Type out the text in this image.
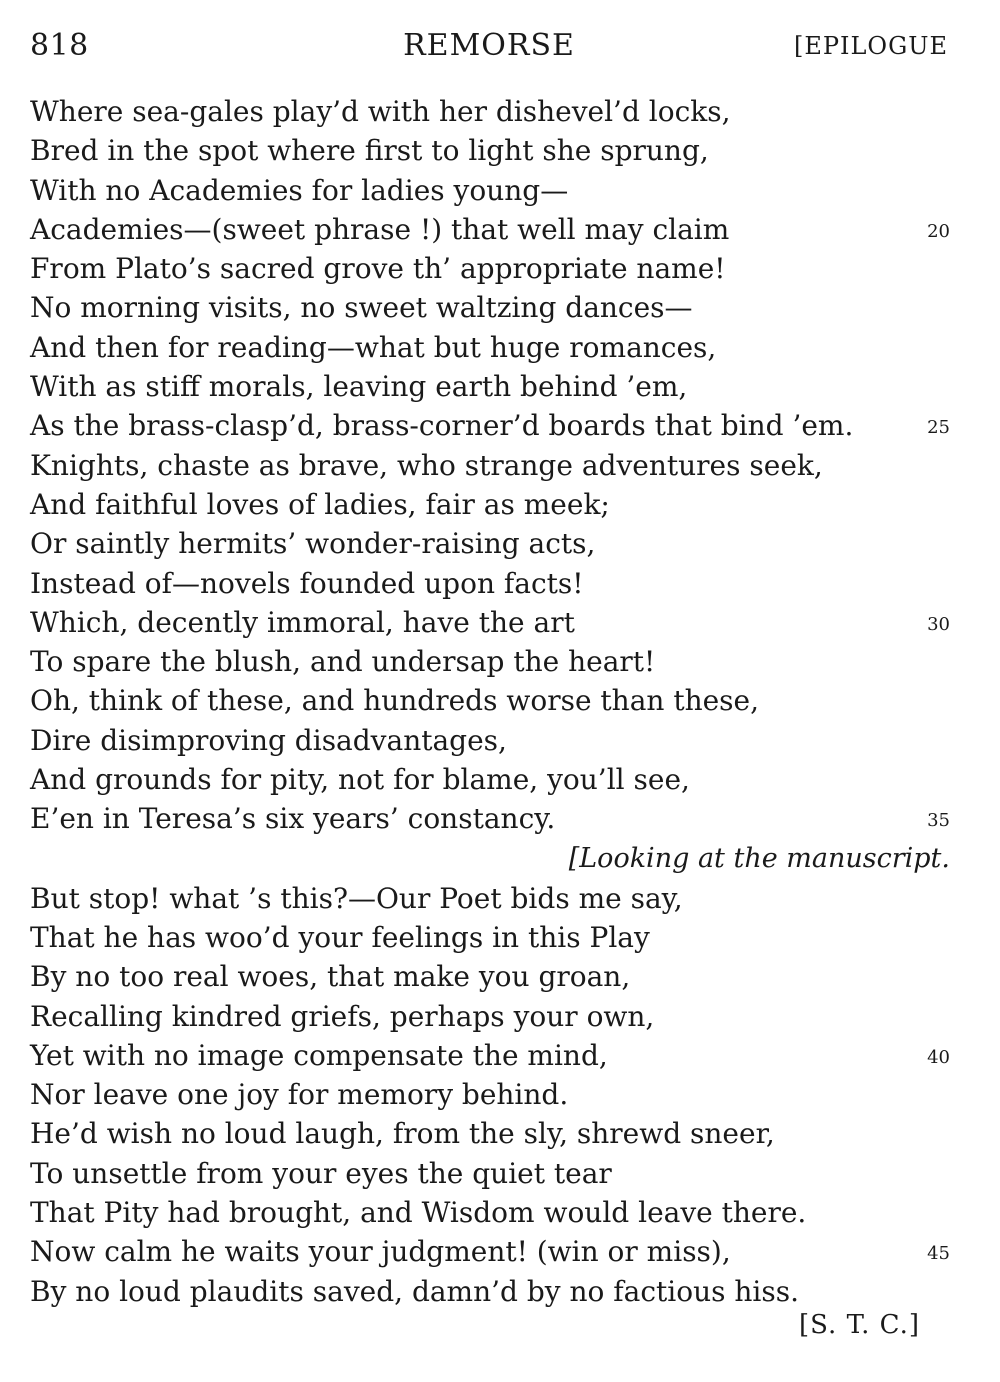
818	REMORSE	[EPILOGUE
Where sea-gales play’d with her dishevel’d locks,
Bred in the spot where first to light she sprung,
With no Academies for ladies young—
Academies—(sweet phrase !) that well may claim	20
From Plato’s sacred grove th’ appropriate name!
No morning visits, no sweet waltzing dances—
And then for reading—what but huge romances,
With as stiff morals, leaving earth behind ’em,
As the brass-clasp’d, brass-corner’d boards that bind ’em.	25
Knights, chaste as brave, who strange adventures seek,
And faithful loves of ladies, fair as meek;
Or saintly hermits’ wonder-raising acts,
Instead of—novels founded upon facts!
Which, decently immoral, have the art	30
To spare the blush, and undersap the heart!
Oh, think of these, and hundreds worse than these,
Dire disimproving disadvantages,
And grounds for pity, not for blame, you’ll see,
E’en in Teresa’s six years’ constancy.	35
[Looking at the manuscript.
But stop! what ’s this?—Our Poet bids me say,
That he has woo’d your feelings in this Play
By no too real woes, that make you groan,
Recalling kindred griefs, perhaps your own,
Yet with no image compensate the mind,	40
Nor leave one joy for memory behind.
He’d wish no loud laugh, from the sly, shrewd sneer,
To unsettle from your eyes the quiet tear
That Pity had brought, and Wisdom would leave there.
Now calm he waits your judgment! (win or miss),	45
By no loud plaudits saved, damn’d by no factious hiss.
[S. T. C.]
